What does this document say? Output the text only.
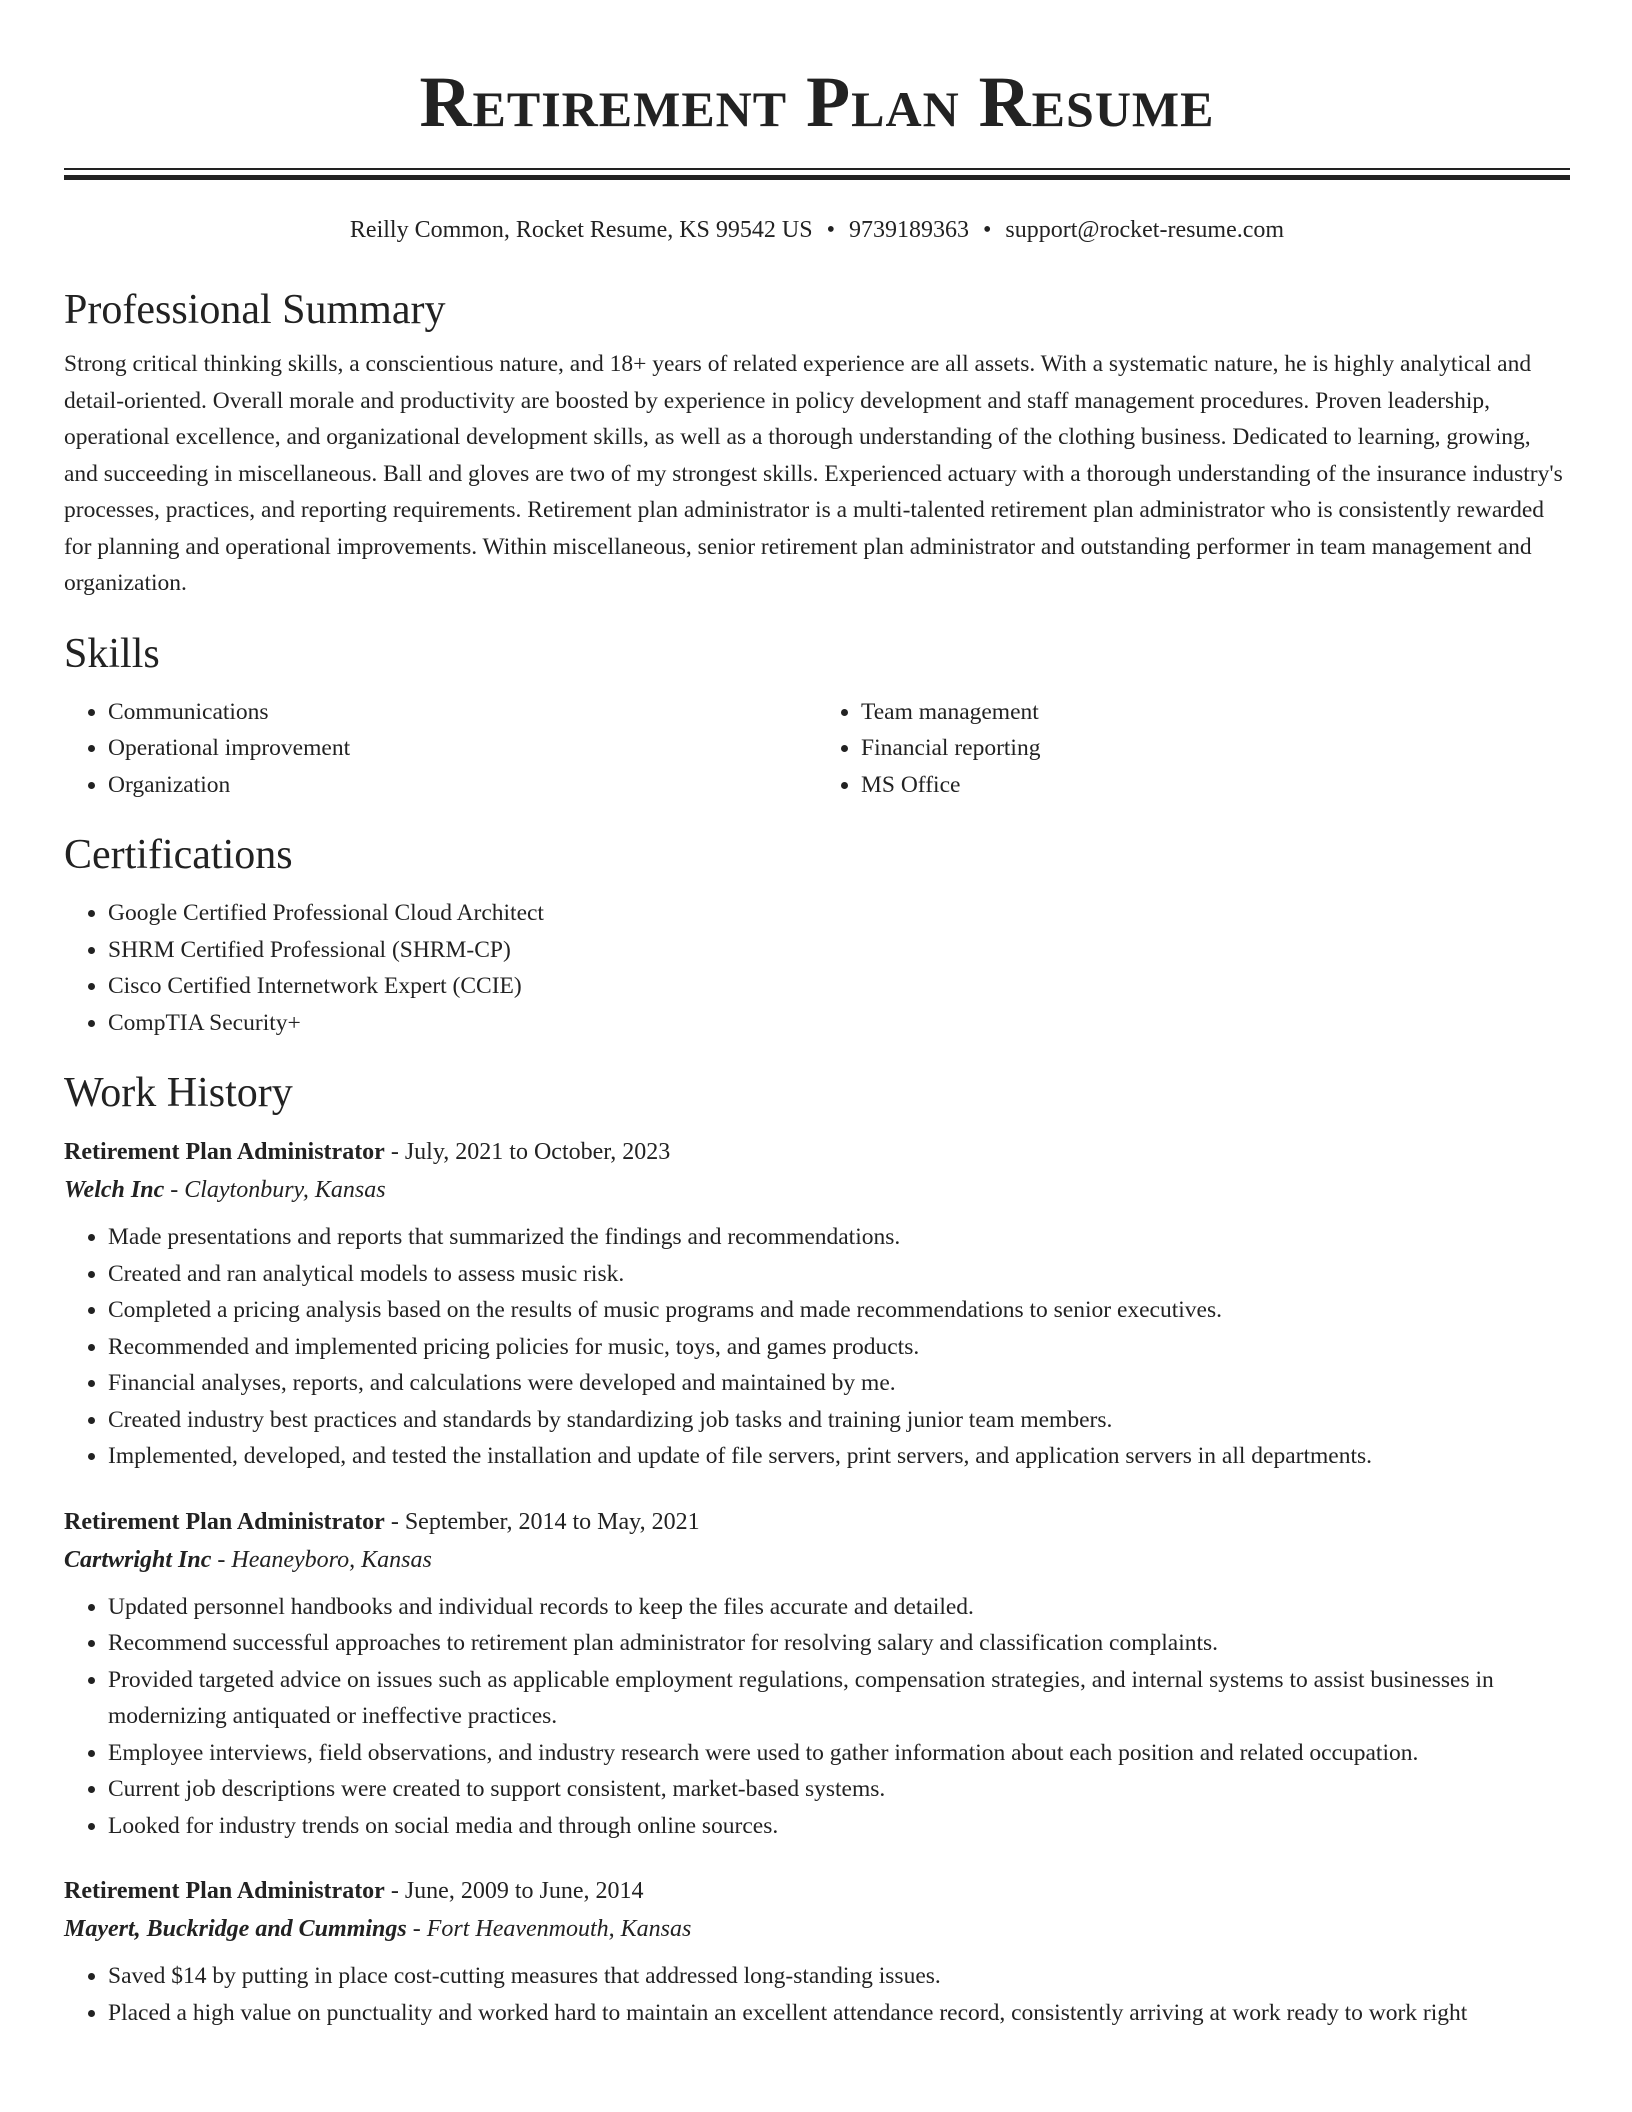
Retirement Plan Resume
Reilly Common, Rocket Resume, KS 99542 US • 9739189363 • support@rocket-resume.com
Professional Summary

Strong critical thinking skills, a conscientious nature, and 18+ years of related experience are all assets. With a systematic nature, he is highly analytical and detail-oriented. Overall morale and productivity are boosted by experience in policy development and staff management procedures. Proven leadership, operational excellence, and organizational development skills, as well as a thorough understanding of the clothing business. Dedicated to learning, growing, and succeeding in miscellaneous. Ball and gloves are two of my strongest skills. Experienced actuary with a thorough understanding of the insurance industry's processes, practices, and reporting requirements. Retirement plan administrator is a multi-talented retirement plan administrator who is consistently rewarded for planning and operational improvements. Within miscellaneous, senior retirement plan administrator and outstanding performer in team management and organization.

Skills
• Communications
• Operational improvement
• Organization
• Team management
• Financial reporting
• MS Office
Certifications
• Google Certified Professional Cloud Architect
• SHRM Certified Professional (SHRM-CP)
• Cisco Certified Internetwork Expert (CCIE)
• CompTIA Security+
Work History
Retirement Plan Administrator - July, 2021 to October, 2023
Welch Inc - Claytonbury, Kansas
• Made presentations and reports that summarized the findings and recommendations.
• Created and ran analytical models to assess music risk.
• Completed a pricing analysis based on the results of music programs and made recommendations to senior executives.
• Recommended and implemented pricing policies for music, toys, and games products.
• Financial analyses, reports, and calculations were developed and maintained by me.
• Created industry best practices and standards by standardizing job tasks and training junior team members.
• Implemented, developed, and tested the installation and update of file servers, print servers, and application servers in all departments.
Retirement Plan Administrator - September, 2014 to May, 2021
Cartwright Inc - Heaneyboro, Kansas
• Updated personnel handbooks and individual records to keep the files accurate and detailed.
• Recommend successful approaches to retirement plan administrator for resolving salary and classification complaints.
• Provided targeted advice on issues such as applicable employment regulations, compensation strategies, and internal systems to assist businesses in modernizing antiquated or ineffective practices.
• Employee interviews, field observations, and industry research were used to gather information about each position and related occupation.
• Current job descriptions were created to support consistent, market-based systems.
• Looked for industry trends on social media and through online sources.
Retirement Plan Administrator - June, 2009 to June, 2014
Mayert, Buckridge and Cummings - Fort Heavenmouth, Kansas
• Saved $14 by putting in place cost-cutting measures that addressed long-standing issues.
• Placed a high value on punctuality and worked hard to maintain an excellent attendance record, consistently arriving at work ready to work right
